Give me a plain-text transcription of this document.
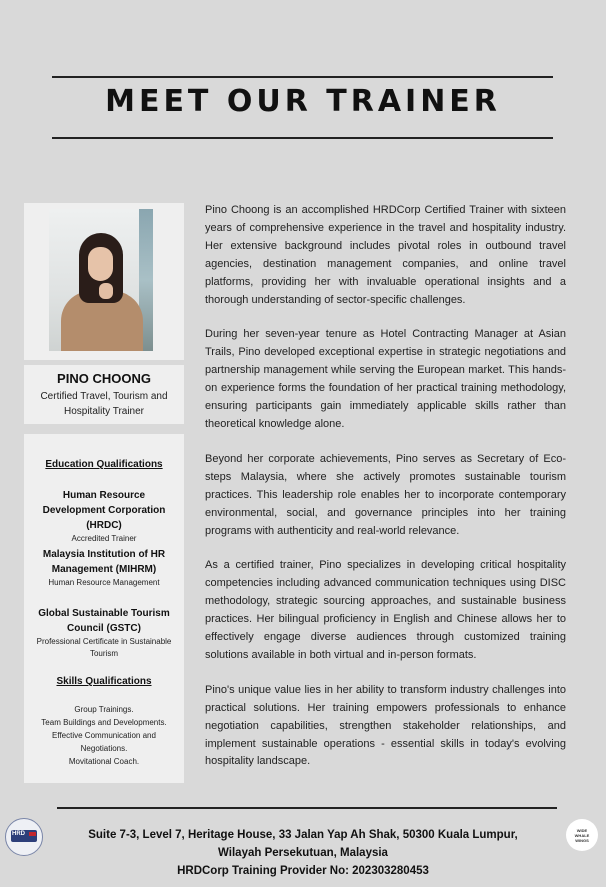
MEET OUR TRAINER
PINO CHOONG
Certified Travel, Tourism and Hospitality Trainer
Education Qualifications
Human Resource Development Corporation (HRDC)
Accredited Trainer
Malaysia Institution of HR Management (MIHRM)
Human Resource Management
Global Sustainable Tourism Council (GSTC)
Professional Certificate in Sustainable Tourism
Skills Qualifications
Group Trainings.
Team Buildings and Developments.
Effective Communication and Negotiations.
Movitational Coach.

Pino Choong is an accomplished HRDCorp Certified Trainer with sixteen years of comprehensive experience in the travel and hospitality industry. Her extensive background includes pivotal roles in outbound travel agencies, destination management companies, and online travel platforms, providing her with invaluable operational insights and a thorough understanding of sector-specific challenges.

During her seven-year tenure as Hotel Contracting Manager at Asian Trails, Pino developed exceptional expertise in strategic negotiations and partnership management while serving the European market. This hands-on experience forms the foundation of her practical training methodology, ensuring participants gain immediately applicable skills rather than theoretical knowledge alone.

Beyond her corporate achievements, Pino serves as Secretary of Eco-steps Malaysia, where she actively promotes sustainable tourism practices. This leadership role enables her to incorporate contemporary environmental, social, and governance principles into her training programs with authenticity and real-world relevance.

As a certified trainer, Pino specializes in developing critical hospitality competencies including advanced communication techniques using DISC methodology, strategic sourcing approaches, and sustainable business practices. Her bilingual proficiency in English and Chinese allows her to effectively engage diverse audiences through customized training solutions available in both virtual and in-person formats.

Pino's unique value lies in her ability to transform industry challenges into practical solutions. Her training empowers professionals to enhance negotiation capabilities, strengthen stakeholder relationships, and implement sustainable operations - essential skills in today's evolving hospitality landscape.

HRD	Suite 7-3, Level 7, Heritage House, 33 Jalan Yap Ah Shak, 50300 Kuala Lumpur,
Wilayah Persekutuan, Malaysia
HRDCorp Training Provider No: 202303280453
WIDE WHALE WINGS
